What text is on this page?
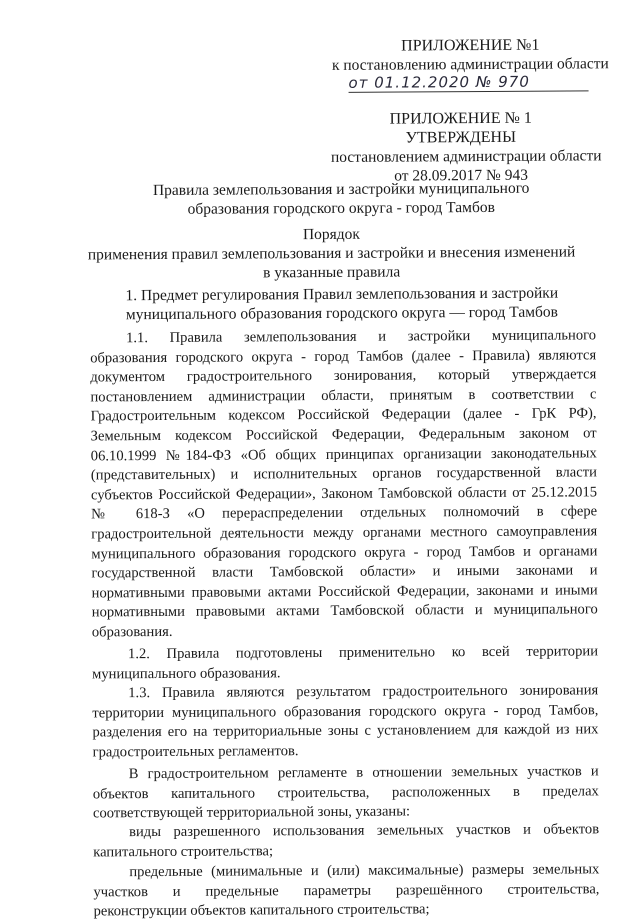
ПРИЛОЖЕНИЕ №1
к постановлению администрации области
от 01.12.2020 № 970
ПРИЛОЖЕНИЕ № 1
УТВЕРЖДЕНЫ
постановлением администрации области
от 28.09.2017 № 943
Правила землепользования и застройки муниципального
образования городского округа - город Тамбов
Порядок
применения правил землепользования и застройки и внесения изменений
в указанные правила
1. Предмет регулирования Правил землепользования и застройки
муниципального образования городского округа — город Тамбов
1.1. Правила землепользования и застройки муниципального
образования городского округа - город Тамбов (далее - Правила) являются
документом градостроительного зонирования, который утверждается
постановлением администрации области, принятым в соответствии с
Градостроительным кодексом Российской Федерации (далее - ГрК РФ),
Земельным кодексом Российской Федерации, Федеральным законом от
06.10.1999 №184-ФЗ «Об общих принципах организации законодательных
(представительных) и исполнительных органов государственной власти
субъектов Российской Федерации», Законом Тамбовской области от 25.12.2015
№ 618-З «О перераспределении отдельных полномочий в сфере
градостроительной деятельности между органами местного самоуправления
муниципального образования городского округа - город Тамбов и органами
государственной власти Тамбовской области» и иными законами и
нормативными правовыми актами Российской Федерации, законами и иными
нормативными правовыми актами Тамбовской области и муниципального
образования.
1.2. Правила подготовлены применительно ко всей территории
муниципального образования.
1.3. Правила являются результатом градостроительного зонирования
территории муниципального образования городского округа - город Тамбов,
разделения его на территориальные зоны с установлением для каждой из них
градостроительных регламентов.
В градостроительном регламенте в отношении земельных участков и
объектов капитального строительства, расположенных в пределах
соответствующей территориальной зоны, указаны:
виды разрешенного использования земельных участков и объектов
капитального строительства;
предельные (минимальные и (или) максимальные) размеры земельных
участков и предельные параметры разрешённого строительства,
реконструкции объектов капитального строительства;
